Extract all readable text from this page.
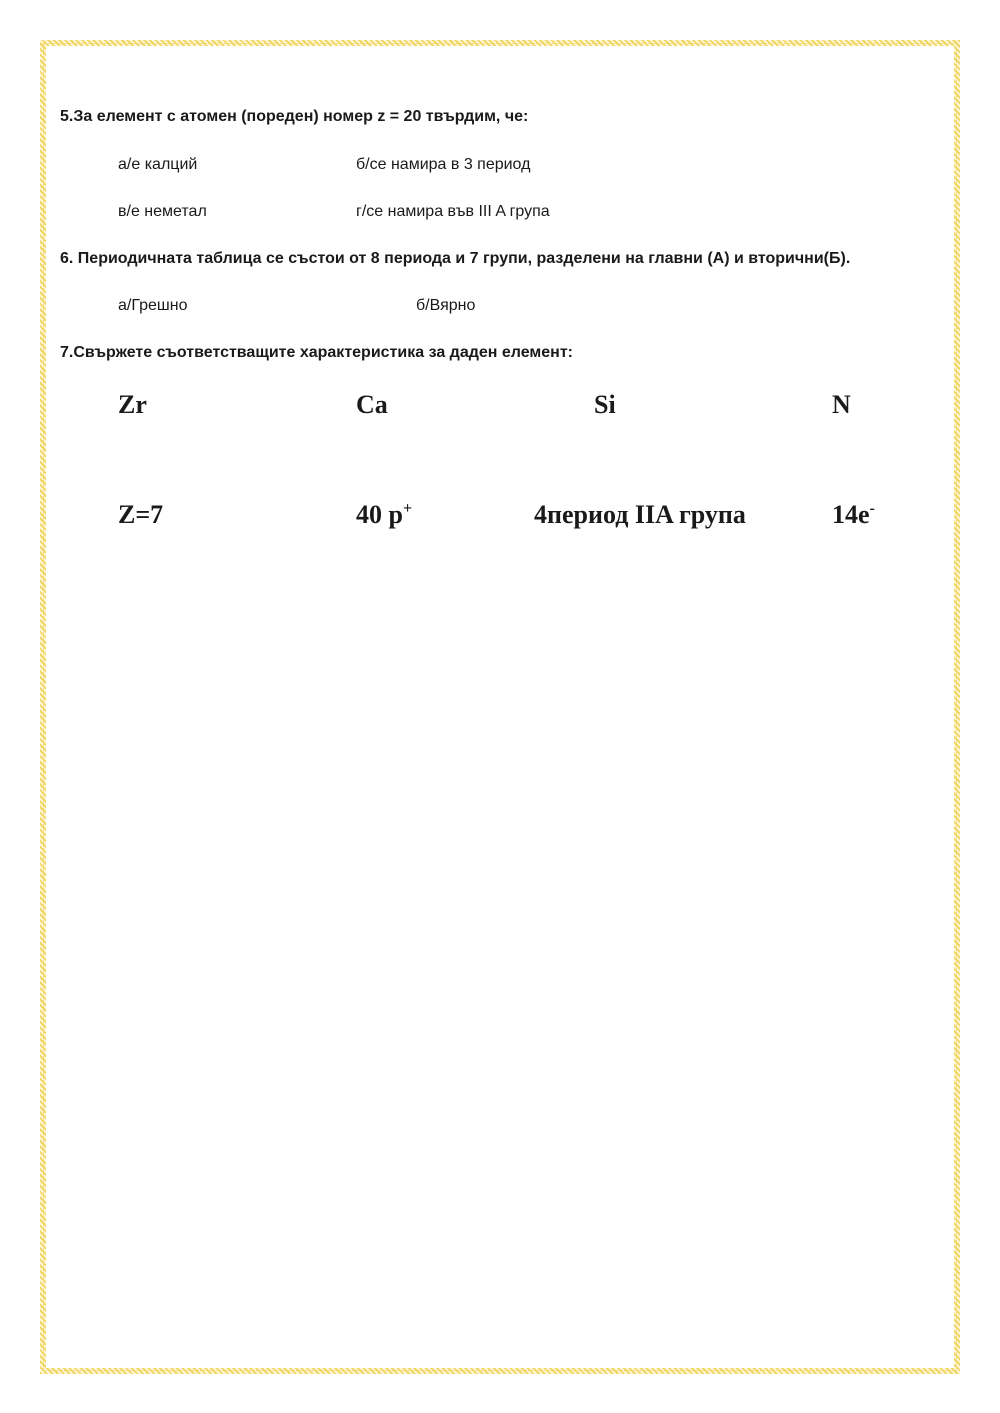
5.За елемент с атомен (пореден) номер z = 20 твърдим, че:
а/е калций	б/се намира в 3 период
в/е неметал	г/се намира във III A група
6. Периодичната таблица се състои от 8 периода и 7 групи, разделени на главни (А) и вторични(Б).
а/Грешно	б/Вярно
7.Свържете съответстващите характеристика за даден елемент:
Zr	Ca	Si	N
Z=7	40 p+	4период IIA група	14e-
